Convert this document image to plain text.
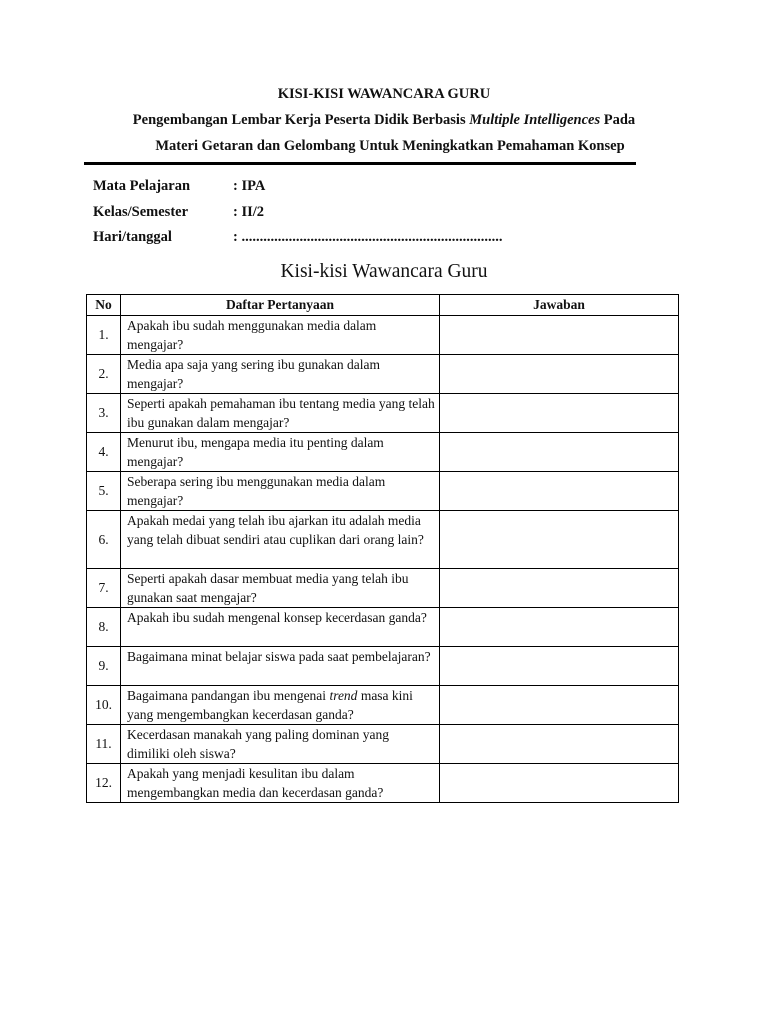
KISI-KISI WAWANCARA GURU
Pengembangan Lembar Kerja Peserta Didik Berbasis Multiple Intelligences Pada
Materi Getaran dan Gelombang Untuk Meningkatkan Pemahaman Konsep
Mata Pelajaran	: IPA
Kelas/Semester	: II/2
Hari/tanggal	: ........................................................................
Kisi-kisi Wawancara Guru
No	Daftar Pertanyaan	Jawaban
1.	Apakah ibu sudah menggunakan media dalam mengajar?	
2.	Media apa saja yang sering ibu gunakan dalam mengajar?	
3.	Seperti apakah pemahaman ibu tentang media yang telah ibu gunakan dalam mengajar?	
4.	Menurut ibu, mengapa media itu penting dalam mengajar?	
5.	Seberapa sering ibu menggunakan media dalam mengajar?	
6.	Apakah medai yang telah ibu ajarkan itu adalah media yang telah dibuat sendiri atau cuplikan dari orang lain?	
7.	Seperti apakah dasar membuat media yang telah ibu gunakan saat mengajar?	
8.	Apakah ibu sudah mengenal konsep kecerdasan ganda?	
9.	Bagaimana minat belajar siswa pada saat pembelajaran?	
10.	Bagaimana pandangan ibu mengenai trend masa kini yang mengembangkan kecerdasan ganda?	
11.	Kecerdasan manakah yang paling dominan yang dimiliki oleh siswa?	
12.	Apakah yang menjadi kesulitan ibu dalam mengembangkan media dan kecerdasan ganda?	
